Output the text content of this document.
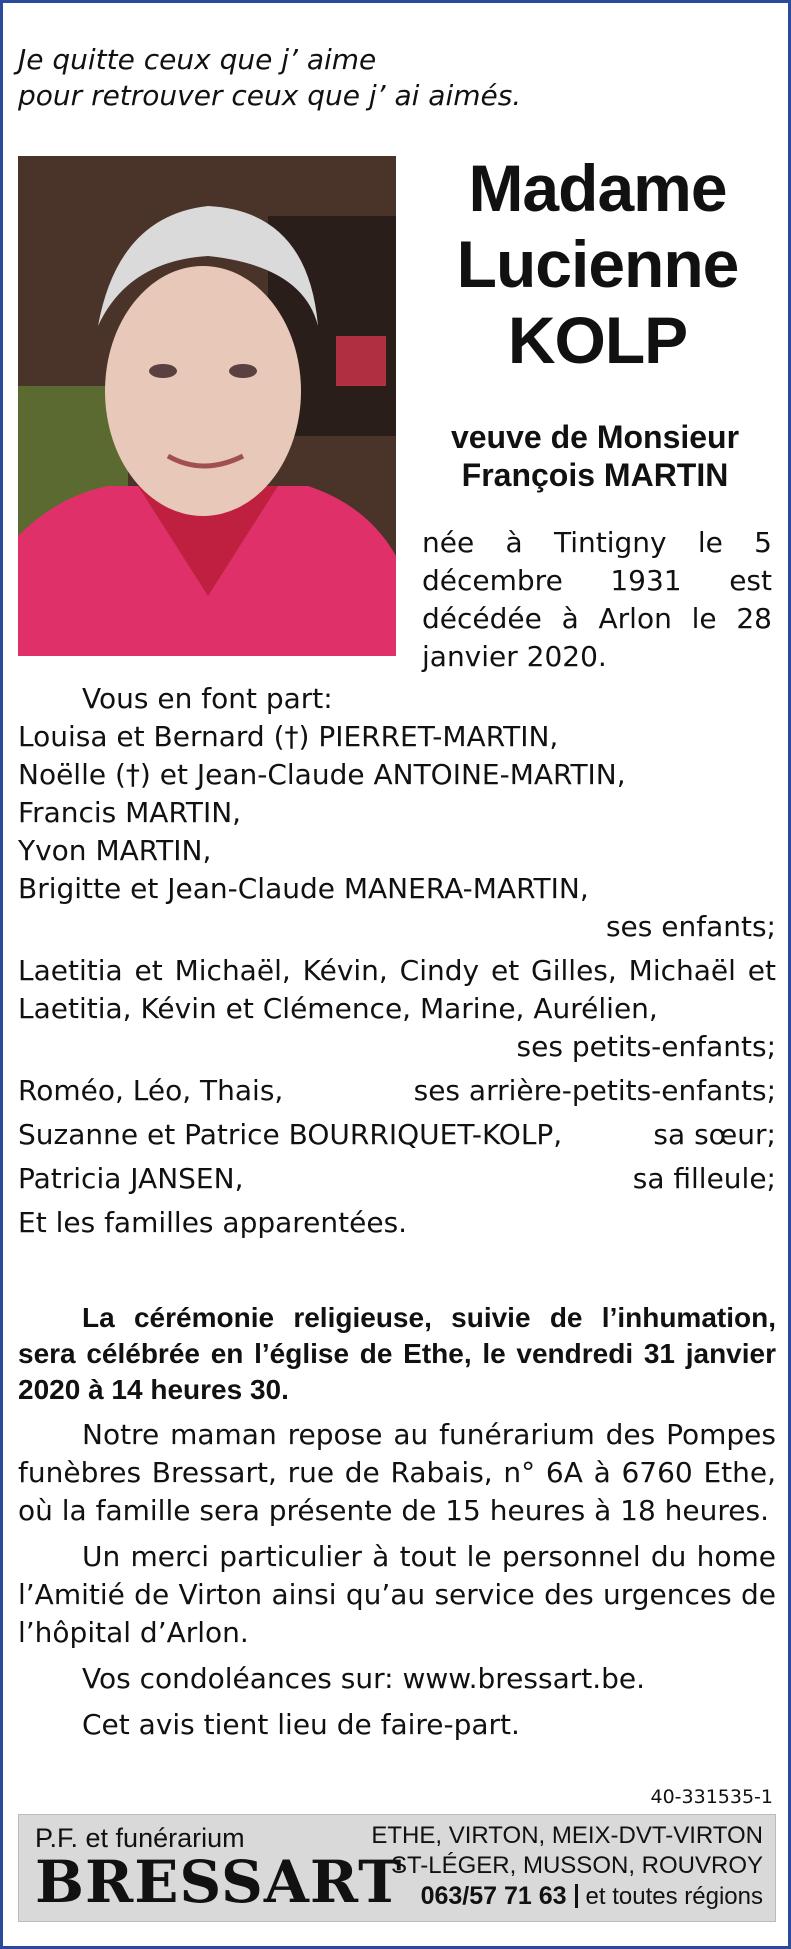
Je quitte ceux que j’ aime
pour retrouver ceux que j’ ai aimés.
Madame
Lucienne
KOLP
veuve de Monsieur
François MARTIN
née à Tintigny le 5 décembre 1931 est décédée à Arlon le 28 janvier 2020.
Vous en font part:
Louisa et Bernard (†) PIERRET-MARTIN,
Noëlle (†) et Jean-Claude ANTOINE-MARTIN,
Francis MARTIN,
Yvon MARTIN,
Brigitte et Jean-Claude MANERA-MARTIN,
ses enfants;
Laetitia et Michaël, Kévin, Cindy et Gilles, Michaël et Laetitia, Kévin et Clémence, Marine, Aurélien,
ses petits-enfants;
Roméo, Léo, Thais,	ses arrière-petits-enfants;
Suzanne et Patrice BOURRIQUET-KOLP,	sa sœur;
Patricia JANSEN,	sa filleule;
Et les familles apparentées.
La cérémonie religieuse, suivie de l’inhumation, sera célébrée en l’église de Ethe, le vendredi 31 janvier 2020 à 14 heures 30.
Notre maman repose au funérarium des Pompes funèbres Bressart, rue de Rabais, n° 6A à 6760 Ethe, où la famille sera présente de 15 heures à 18 heures.
Un merci particulier à tout le personnel du home l’Amitié de Virton ainsi qu’au service des urgences de l’hôpital d’Arlon.
Vos condoléances sur: www.bressart.be.
Cet avis tient lieu de faire-part.
40-331535-1
P.F. et funérarium
BRESSART
ETHE, VIRTON, MEIX-DVT-VIRTON
ST-LÉGER, MUSSON, ROUVROY
063/57 71 63 et toutes régions
